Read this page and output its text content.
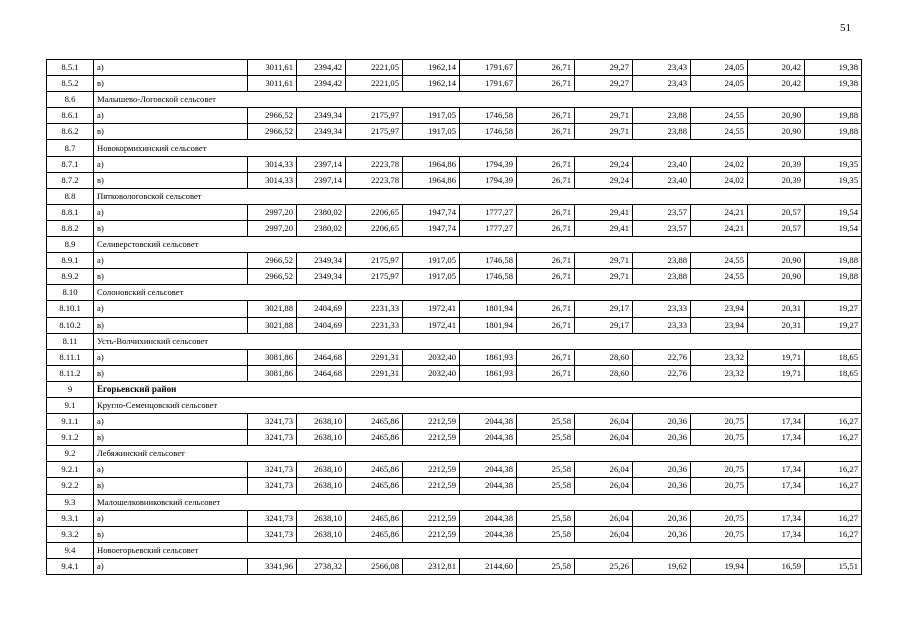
51
8.5.1	а)	3011,61	2394,42	2221,05	1962,14	1791,67	26,71	29,27	23,43	24,05	20,42	19,38
8.5.2	в)	3011,61	2394,42	2221,05	1962,14	1791,67	26,71	29,27	23,43	24,05	20,42	19,38
8.6	Малышево-Логовской сельсовет											
8.6.1	а)	2966,52	2349,34	2175,97	1917,05	1746,58	26,71	29,71	23,88	24,55	20,90	19,88
8.6.2	в)	2966,52	2349,34	2175,97	1917,05	1746,58	26,71	29,71	23,88	24,55	20,90	19,88
8.7	Новокормихинский сельсовет											
8.7.1	а)	3014,33	2397,14	2223,78	1964,86	1794,39	26,71	29,24	23,40	24,02	20,39	19,35
8.7.2	в)	3014,33	2397,14	2223,78	1964,86	1794,39	26,71	29,24	23,40	24,02	20,39	19,35
8.8	Пятковологовской сельсовет											
8.8.1	а)	2997,20	2380,02	2206,65	1947,74	1777,27	26,71	29,41	23,57	24,21	20,57	19,54
8.8.2	в)	2997,20	2380,02	2206,65	1947,74	1777,27	26,71	29,41	23,57	24,21	20,57	19,54
8.9	Селиверстовский сельсовет											
8.9.1	а)	2966,52	2349,34	2175,97	1917,05	1746,58	26,71	29,71	23,88	24,55	20,90	19,88
8.9.2	в)	2966,52	2349,34	2175,97	1917,05	1746,58	26,71	29,71	23,88	24,55	20,90	19,88
8.10	Солоновский сельсовет											
8.10.1	а)	3021,88	2404,69	2231,33	1972,41	1801,94	26,71	29,17	23,33	23,94	20,31	19,27
8.10.2	в)	3021,88	2404,69	2231,33	1972,41	1801,94	26,71	29,17	23,33	23,94	20,31	19,27
8.11	Усть-Волчихинский сельсовет											
8.11.1	а)	3081,86	2464,68	2291,31	2032,40	1861,93	26,71	28,60	22,76	23,32	19,71	18,65
8.11.2	в)	3081,86	2464,68	2291,31	2032,40	1861,93	26,71	28,60	22,76	23,32	19,71	18,65
9	Егорьевский район											
9.1	Кругло-Семенцовский сельсовет											
9.1.1	а)	3241,73	2638,10	2465,86	2212,59	2044,38	25,58	26,04	20,36	20,75	17,34	16,27
9.1.2	в)	3241,73	2638,10	2465,86	2212,59	2044,38	25,58	26,04	20,36	20,75	17,34	16,27
9.2	Лебяжинский сельсовет											
9.2.1	а)	3241,73	2638,10	2465,86	2212,59	2044,38	25,58	26,04	20,36	20,75	17,34	16,27
9.2.2	в)	3241,73	2638,10	2465,86	2212,59	2044,38	25,58	26,04	20,36	20,75	17,34	16,27
9.3	Малошелковниковский сельсовет											
9.3.1	а)	3241,73	2638,10	2465,86	2212,59	2044,38	25,58	26,04	20,36	20,75	17,34	16,27
9.3.2	в)	3241,73	2638,10	2465,86	2212,59	2044,38	25,58	26,04	20,36	20,75	17,34	16,27
9.4	Новоегорьевский сельсовет											
9.4.1	а)	3341,96	2738,32	2566,08	2312,81	2144,60	25,58	25,26	19,62	19,94	16,59	15,51
